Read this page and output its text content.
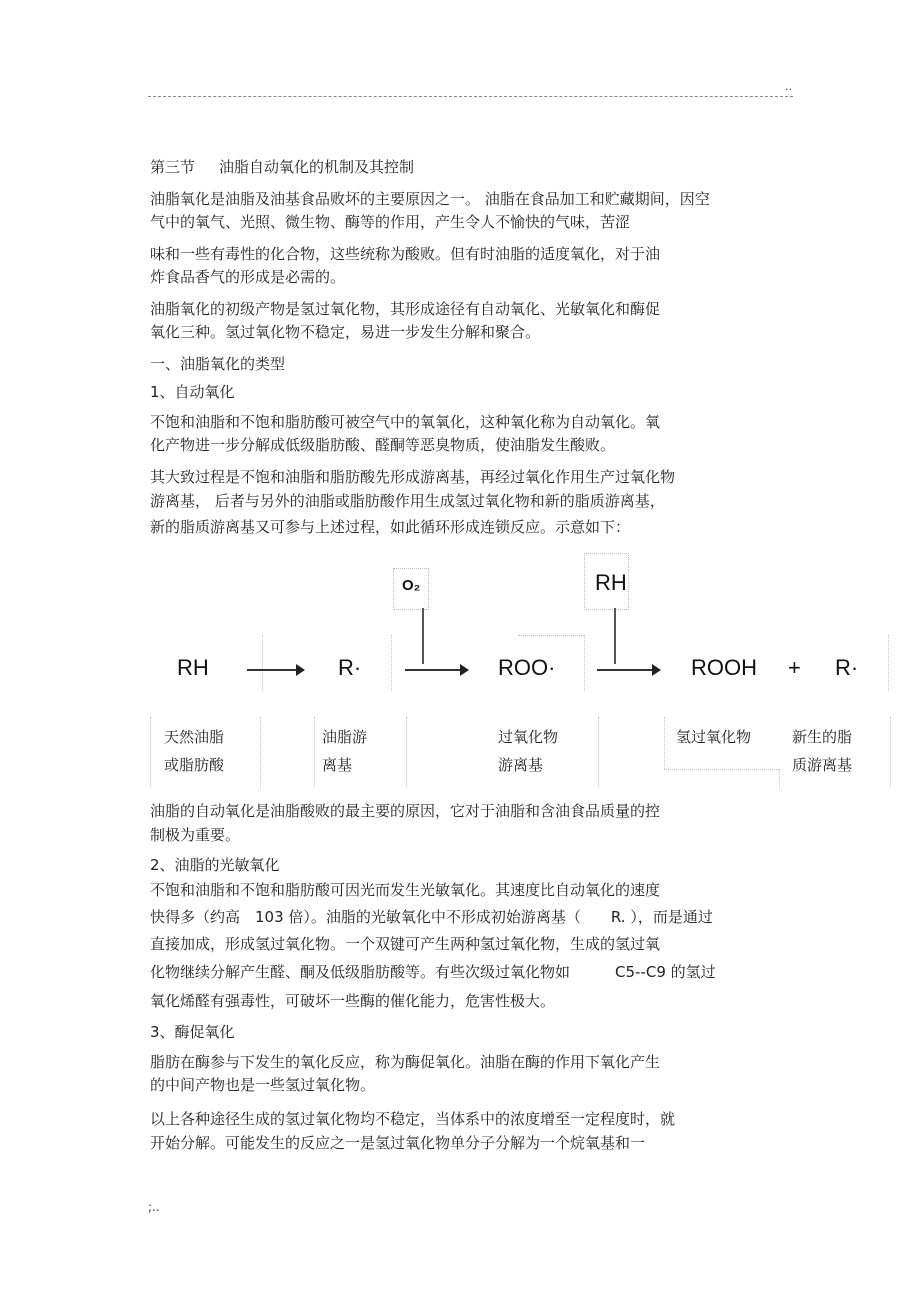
..
第三节 油脂自动氧化的机制及其控制
油脂氧化是油脂及油基食品败坏的主要原因之一。 油脂在食品加工和贮藏期间，因空
气中的氧气、光照、微生物、酶等的作用，产生令人不愉快的气味，苦涩
味和一些有毒性的化合物，这些统称为酸败。但有时油脂的适度氧化，对于油
炸食品香气的形成是必需的。
油脂氧化的初级产物是氢过氧化物，其形成途径有自动氧化、光敏氧化和酶促
氧化三种。氢过氧化物不稳定，易进一步发生分解和聚合。
一、油脂氧化的类型
1、自动氧化
不饱和油脂和不饱和脂肪酸可被空气中的氧氧化，这种氧化称为自动氧化。氧
化产物进一步分解成低级脂肪酸、醛酮等恶臭物质，使油脂发生酸败。
其大致过程是不饱和油脂和脂肪酸先形成游离基，再经过氧化作用生产过氧化物
游离基， 后者与另外的油脂或脂肪酸作用生成氢过氧化物和新的脂质游离基，
新的脂质游离基又可参与上述过程，如此循环形成连锁反应。示意如下：
O₂	RH
RH	R·	ROO·	ROOH + R·
天然油脂
或脂肪酸
油脂游
离基
过氧化物
游离基
氢过氧化物	新生的脂
质游离基
油脂的自动氧化是油脂酸败的最主要的原因，它对于油脂和含油食品质量的控
制极为重要。
2、油脂的光敏氧化
不饱和油脂和不饱和脂肪酸可因光而发生光敏氧化。其速度比自动氧化的速度
快得多（约高　103 倍）。油脂的光敏氧化中不形成初始游离基（　　R. ），而是通过
直接加成，形成氢过氧化物。一个双键可产生两种氢过氧化物，生成的氢过氧
化物继续分解产生醛、酮及低级脂肪酸等。有些次级过氧化物如　　　C5--C9 的氢过
氧化烯醛有强毒性，可破坏一些酶的催化能力，危害性极大。
3、酶促氧化
脂肪在酶参与下发生的氧化反应，称为酶促氧化。油脂在酶的作用下氧化产生
的中间产物也是一些氢过氧化物。
以上各种途径生成的氢过氧化物均不稳定，当体系中的浓度增至一定程度时，就
开始分解。可能发生的反应之一是氢过氧化物单分子分解为一个烷氧基和一
;..
